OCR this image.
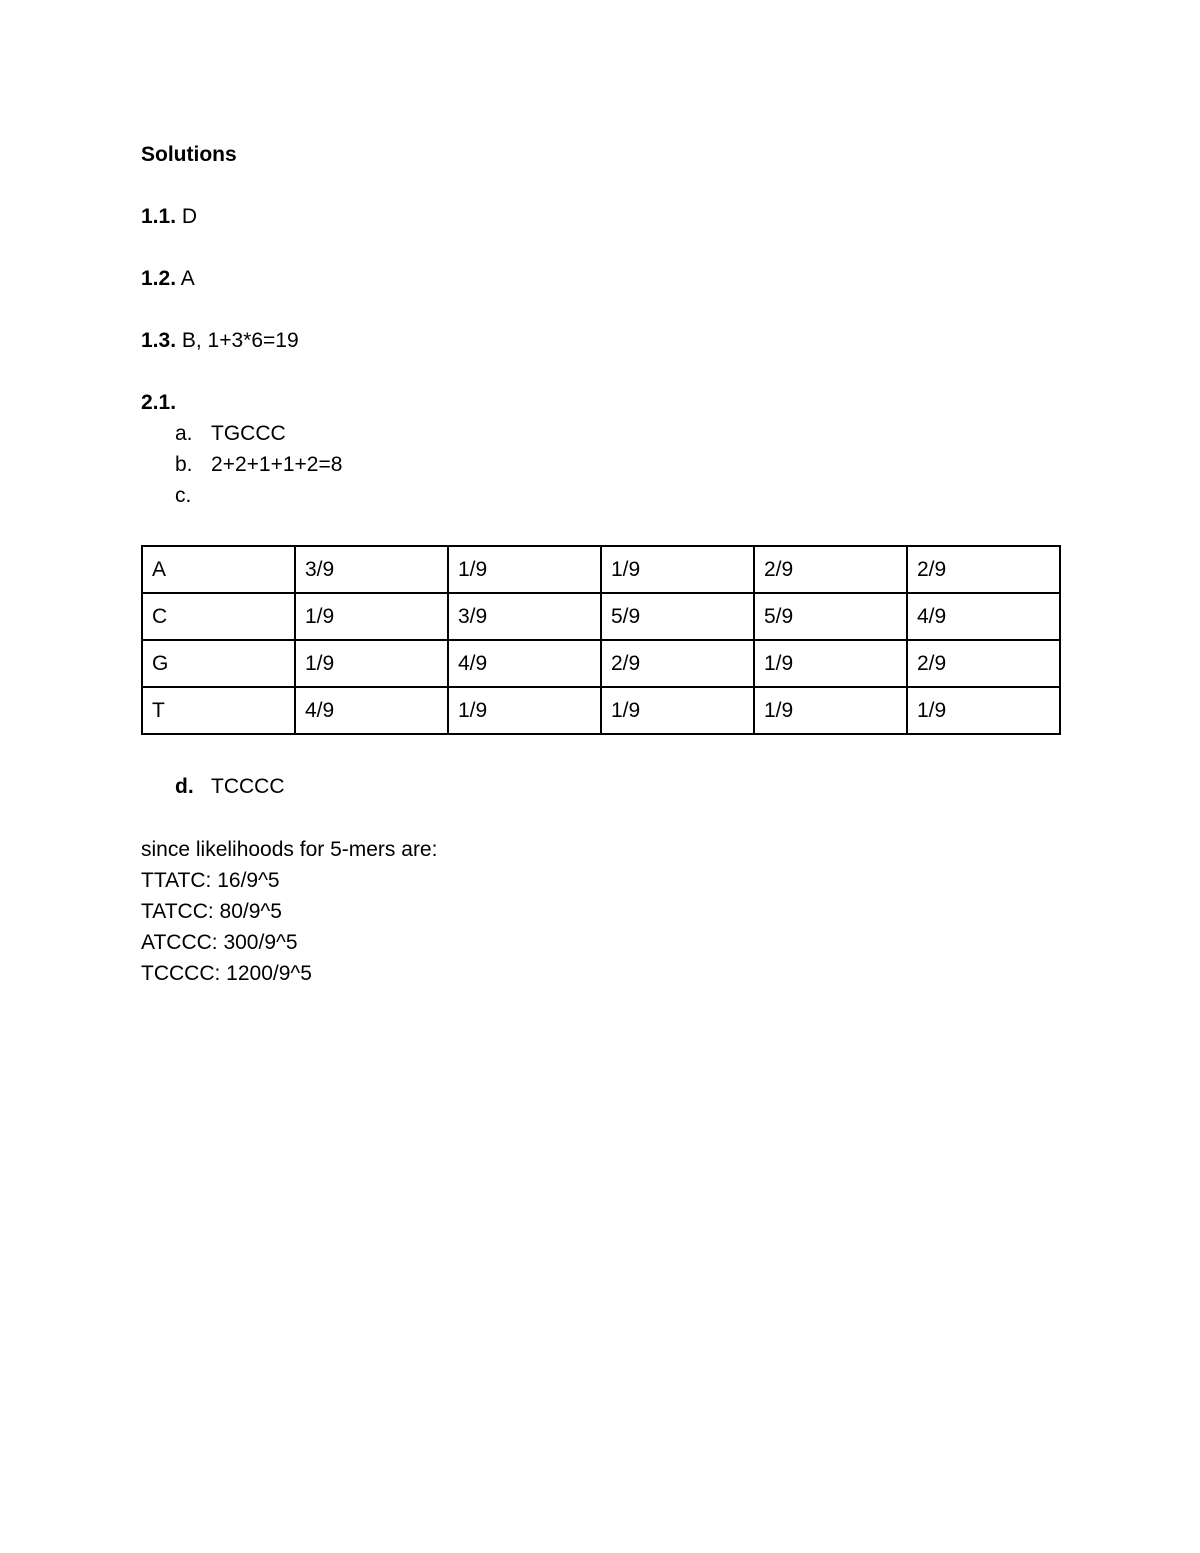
Solutions
1.1. D
1.2. A
1.3. B, 1+3*6=19
2.1.
a. TGCCC
b. 2+2+1+1+2=8
c.
A	3/9	1/9	1/9	2/9	2/9
C	1/9	3/9	5/9	5/9	4/9
G	1/9	4/9	2/9	1/9	2/9
T	4/9	1/9	1/9	1/9	1/9
d. TCCCC
since likelihoods for 5-mers are:
TTATC: 16/9^5
TATCC: 80/9^5
ATCCC: 300/9^5
TCCCC: 1200/9^5
